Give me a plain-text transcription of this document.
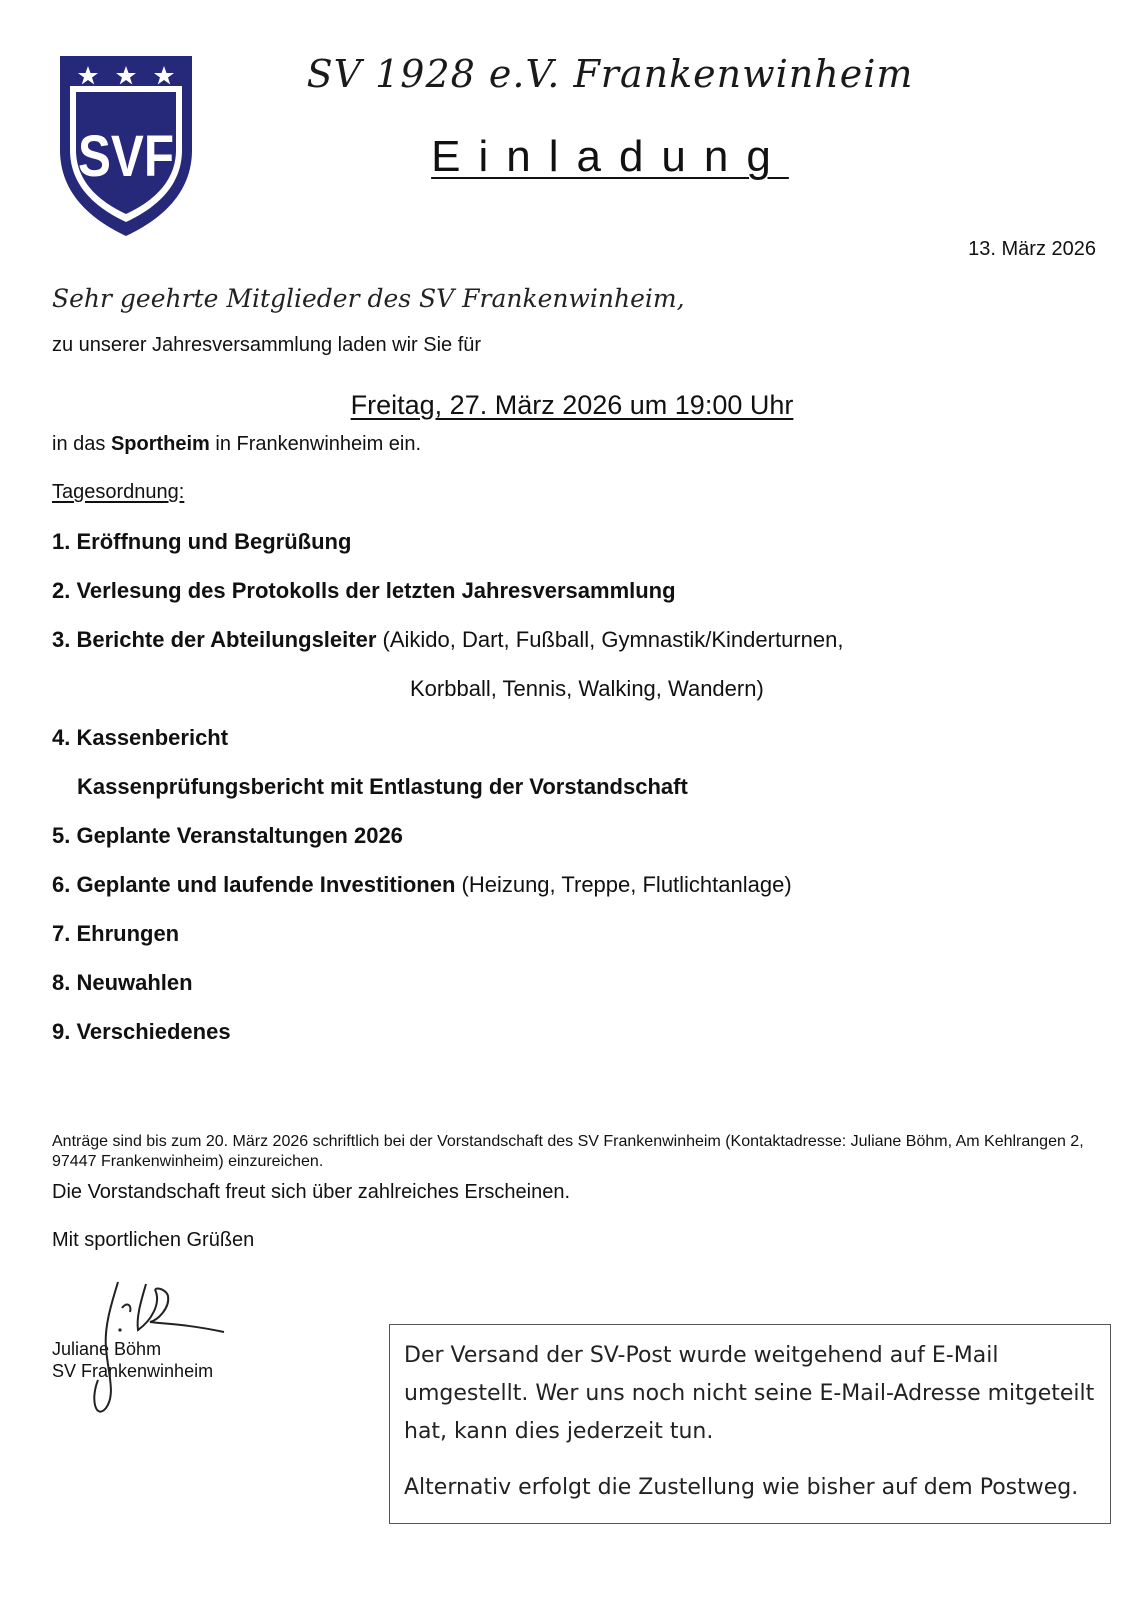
SVF
SV 1928 e.V. Frankenwinheim
Einladung
13. März 2026
Sehr geehrte Mitglieder des SV Frankenwinheim,
zu unserer Jahresversammlung laden wir Sie für
Freitag, 27. März 2026 um 19:00 Uhr
in das Sportheim in Frankenwinheim ein.
Tagesordnung:
1. Eröffnung und Begrüßung
2. Verlesung des Protokolls der letzten Jahresversammlung
3. Berichte der Abteilungsleiter (Aikido, Dart, Fußball, Gymnastik/Kinderturnen,
Korbball, Tennis, Walking, Wandern)
4. Kassenbericht
Kassenprüfungsbericht mit Entlastung der Vorstandschaft
5. Geplante Veranstaltungen 2026
6. Geplante und laufende Investitionen (Heizung, Treppe, Flutlichtanlage)
7. Ehrungen
8. Neuwahlen
9. Verschiedenes
Anträge sind bis zum 20. März 2026 schriftlich bei der Vorstandschaft des SV Frankenwinheim (Kontaktadresse: Juliane Böhm, Am Kehlrangen 2, 97447 Frankenwinheim) einzureichen.
Die Vorstandschaft freut sich über zahlreiches Erscheinen.
Mit sportlichen Grüßen
Juliane Böhm
SV Frankenwinheim

Der Versand der SV-Post wurde weitgehend auf E-Mail umgestellt. Wer uns noch nicht seine E-Mail-Adresse mitgeteilt hat, kann dies jederzeit tun.

Alternativ erfolgt die Zustellung wie bisher auf dem Postweg.
